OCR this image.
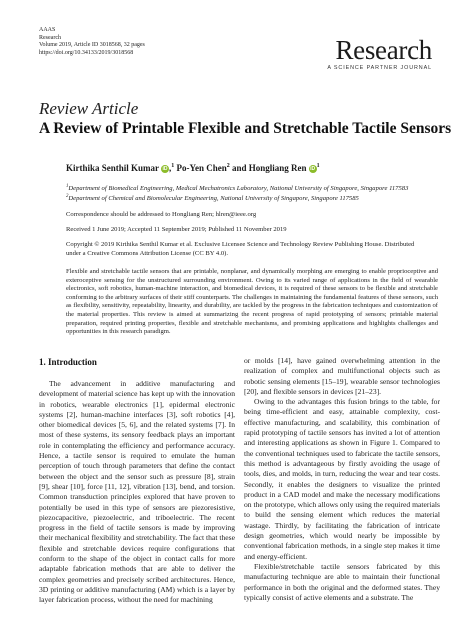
AAAS
Research
Volume 2019, Article ID 3018568, 32 pages
https://doi.org/10.34133/2019/3018568	Research
A SCIENCE PARTNER JOURNAL
Review Article
A Review of Printable Flexible and Stretchable Tactile Sensors
Kirthika Senthil Kumar iD ,$^1$ Po-Yen Chen$^2$ and Hongliang Ren iD $^1$
$^1$Department of Biomedical Engineering, Medical Mechatronics Laboratory, National University of Singapore, Singapore 117583
$^2$Department of Chemical and Biomolecular Engineering, National University of Singapore, Singapore 117585
Correspondence should be addressed to Hongliang Ren; hlren@ieee.org
Received 1 June 2019; Accepted 11 September 2019; Published 11 November 2019
Copyright © 2019 Kirthika Senthil Kumar et al. Exclusive Licensee Science and Technology Review Publishing House. Distributed
under a Creative Commons Attribution License (CC BY 4.0).
Flexible and stretchable tactile sensors that are printable, nonplanar, and dynamically morphing are emerging to enable proprioceptive and exteroceptive sensing for the unstructured surrounding environment. Owing to its varied range of applications in the field of wearable electronics, soft robotics, human-machine interaction, and biomedical devices, it is required of these sensors to be flexible and stretchable conforming to the arbitrary surfaces of their stiff counterparts. The challenges in maintaining the fundamental features of these sensors, such as flexibility, sensitivity, repeatability, linearity, and durability, are tackled by the progress in the fabrication techniques and customization of the material properties. This review is aimed at summarizing the recent progress of rapid prototyping of sensors; printable material preparation, required printing properties, flexible and stretchable mechanisms, and promising applications and highlights challenges and opportunities in this research paradigm.
1. Introduction

The advancement in additive manufacturing and development of material science has kept up with the innovation in robotics, wearable electronics [1], epidermal electronic systems [2], human-machine interfaces [3], soft robotics [4], other biomedical devices [5, 6], and the related systems [7]. In most of these systems, its sensory feedback plays an important role in contemplating the efficiency and performance accuracy. Hence, a tactile sensor is required to emulate the human perception of touch through parameters that define the contact between the object and the sensor such as pressure [8], strain [9], shear [10], force [11, 12], vibration [13], bend, and torsion. Common transduction principles explored that have proven to potentially be used in this type of sensors are piezoresistive, piezocapacitive, piezoelectric, and triboelectric. The recent progress in the field of tactile sensors is made by improving their mechanical flexibility and stretchability. The fact that these flexible and stretchable devices require configurations that conform to the shape of the object in contact calls for more adaptable fabrication methods that are able to deliver the complex geometries and precisely scribed architectures. Hence, 3D printing or additive manufacturing (AM) which is a layer by layer fabrication process, without the need for machining

or molds [14], have gained overwhelming attention in the realization of complex and multifunctional objects such as robotic sensing elements [15–19], wearable sensor technologies [20], and flexible sensors in devices [21–23].

Owing to the advantages this fusion brings to the table, for being time-efficient and easy, attainable complexity, cost-effective manufacturing, and scalability, this combination of rapid prototyping of tactile sensors has invited a lot of attention and interesting applications as shown in Figure 1. Compared to the conventional techniques used to fabricate the tactile sensors, this method is advantageous by firstly avoiding the usage of tools, dies, and molds, in turn, reducing the wear and tear costs. Secondly, it enables the designers to visualize the printed product in a CAD model and make the necessary modifications on the prototype, which allows only using the required materials to build the sensing element which reduces the material wastage. Thirdly, by facilitating the fabrication of intricate design geometries, which would nearly be impossible by conventional fabrication methods, in a single step makes it time and energy-efficient.

Flexible/stretchable tactile sensors fabricated by this manufacturing technique are able to maintain their functional performance in both the original and the deformed states. They typically consist of active elements and a substrate. The
